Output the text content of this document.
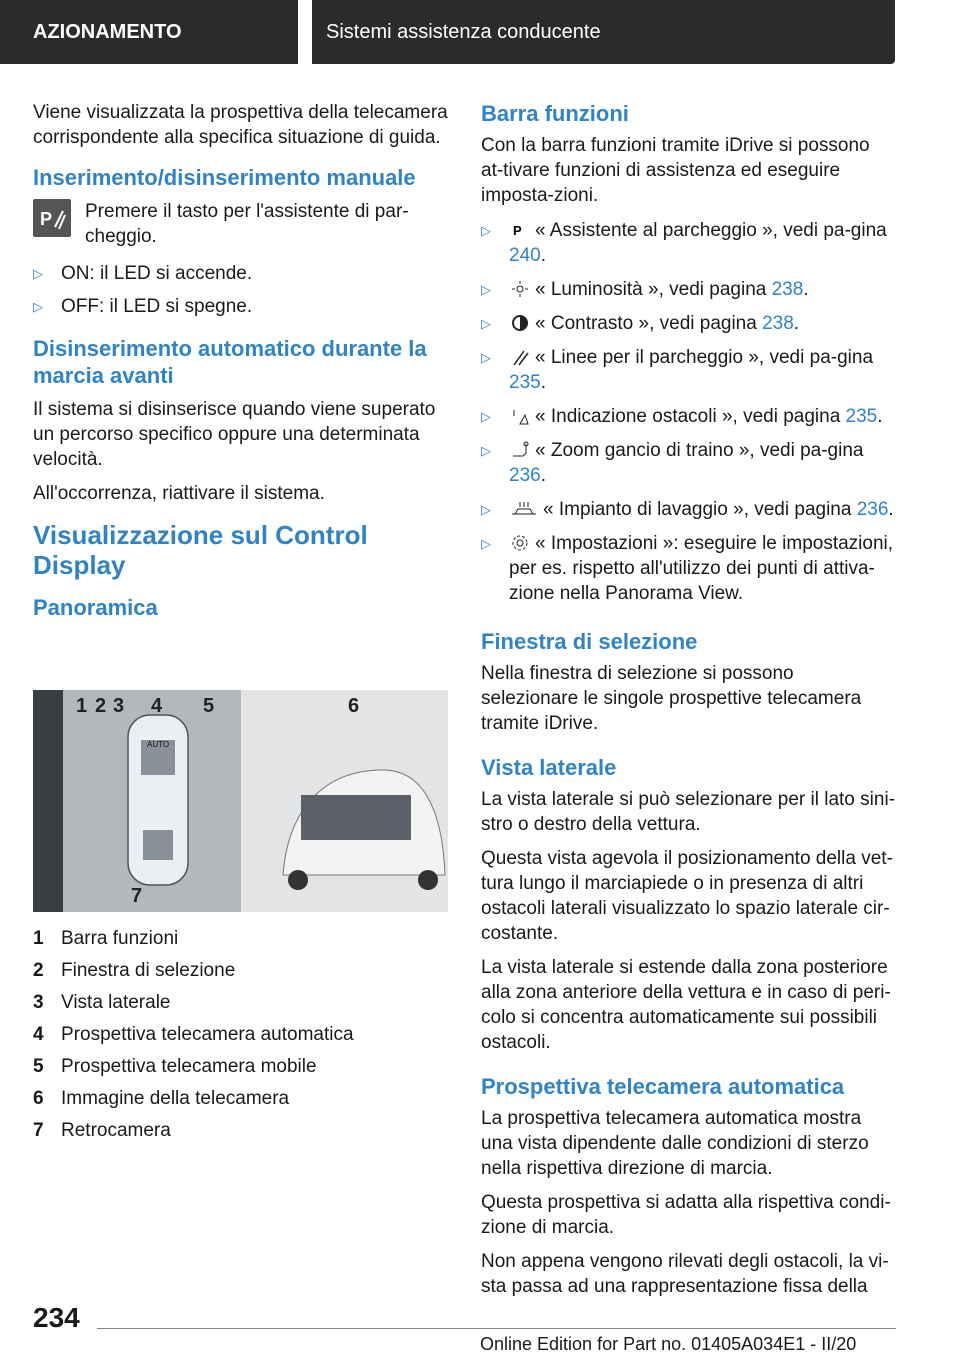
AZIONAMENTO	Sistemi assistenza conducente

Viene visualizzata la prospettiva della telecamera corrispondente alla specifica situazione di guida.

Inserimento/disinserimento manuale
P Premere il tasto per l'assistente di par-cheggio.

▷ ON: il LED si accende.
▷ OFF: il LED si spegne.
Disinserimento automatico durante la marcia avanti

Il sistema si disinserisce quando viene superato un percorso specifico oppure una determinata velocità.

All'occorrenza, riattivare il sistema.

Visualizzazione sul Control Display
Panoramica
1 2 3 4 5	6
7
AUTO
1 Barra funzioni
2 Finestra di selezione
3 Vista laterale
4 Prospettiva telecamera automatica
5 Prospettiva telecamera mobile
6 Immagine della telecamera
7 Retrocamera
Barra funzioni

Con la barra funzioni tramite iDrive si possono at-tivare funzioni di assistenza ed eseguire imposta-zioni.

▷ P « Assistente al parcheggio », vedi pa-gina 240.
▷ « Luminosità », vedi pagina 238.
▷ « Contrasto », vedi pagina 238.
▷ « Linee per il parcheggio », vedi pa-gina 235.
▷ « Indicazione ostacoli », vedi pagina 235.
▷ « Zoom gancio di traino », vedi pa-gina 236.
▷	« Impianto di lavaggio », vedi pagina 236.
▷ « Impostazioni »: eseguire le impostazioni, per es. rispetto all'utilizzo dei punti di attiva-zione nella Panorama View.
Finestra di selezione

Nella finestra di selezione si possono selezionare le singole prospettive telecamera tramite iDrive.

Vista laterale

La vista laterale si può selezionare per il lato sini-stro o destro della vettura.

Questa vista agevola il posizionamento della vet-tura lungo il marciapiede o in presenza di altri ostacoli laterali visualizzato lo spazio laterale cir-costante.

La vista laterale si estende dalla zona posteriore alla zona anteriore della vettura e in caso di peri-colo si concentra automaticamente sui possibili ostacoli.

Prospettiva telecamera automatica

La prospettiva telecamera automatica mostra una vista dipendente dalle condizioni di sterzo nella rispettiva direzione di marcia.

Questa prospettiva si adatta alla rispettiva condi-zione di marcia.

Non appena vengono rilevati degli ostacoli, la vi-sta passa ad una rappresentazione fissa della

234
Online Edition for Part no. 01405A034E1 - II/20
